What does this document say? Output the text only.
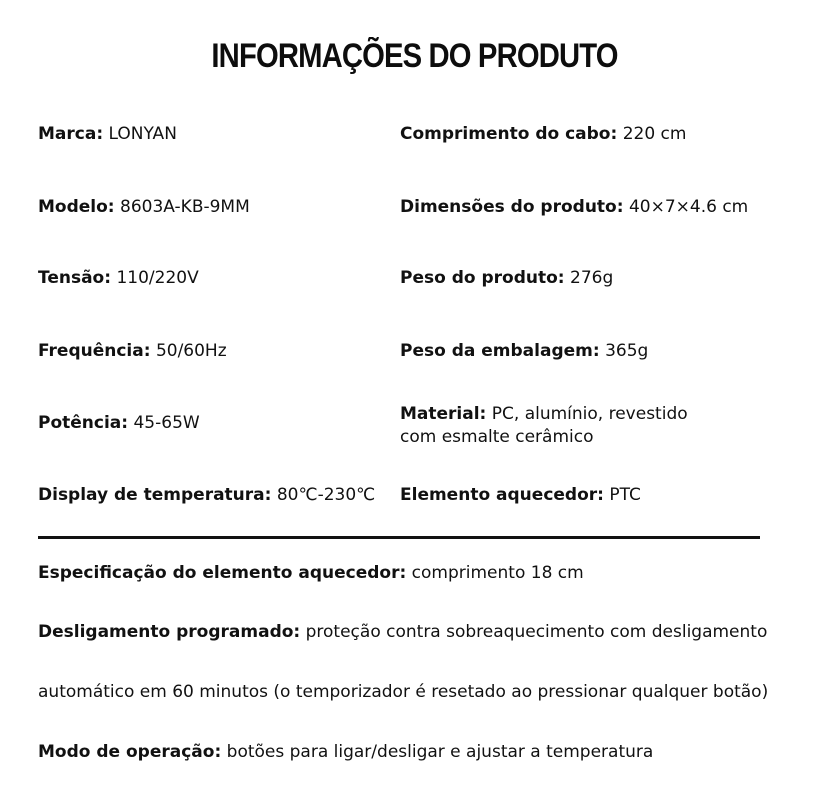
INFORMAÇÕES DO PRODUTO
Marca: LONYAN
Modelo: 8603A-KB-9MM
Tensão: 110/220V
Frequência: 50/60Hz
Potência: 45-65W
Display de temperatura: 80℃-230℃
Comprimento do cabo: 220 cm
Dimensões do produto: 40×7×4.6 cm
Peso do produto: 276g
Peso da embalagem: 365g
Material: PC, alumínio, revestido
com esmalte cerâmico
Elemento aquecedor: PTC
Especificação do elemento aquecedor: comprimento 18 cm
Desligamento programado: proteção contra sobreaquecimento com desligamento
automático em 60 minutos (o temporizador é resetado ao pressionar qualquer botão)
Modo de operação: botões para ligar/desligar e ajustar a temperatura
